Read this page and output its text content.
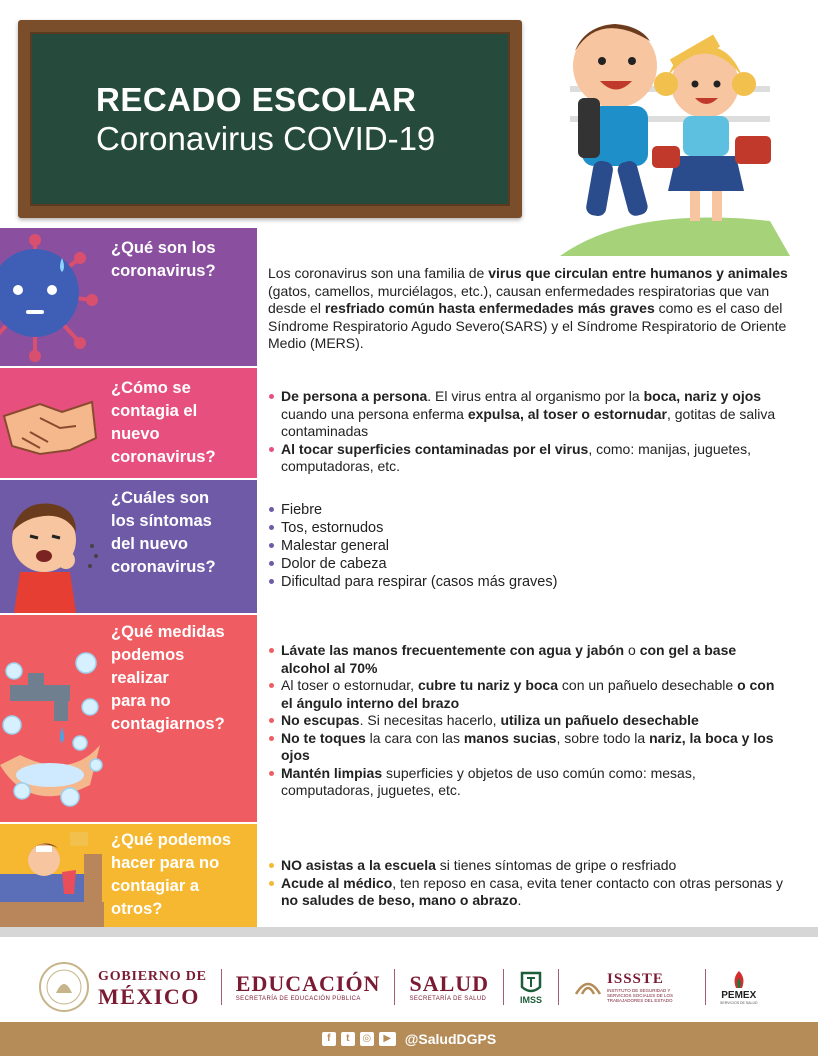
RECADO ESCOLAR
Coronavirus COVID-19
¿Qué son los
coronavirus?	Los coronavirus son una familia de virus que circulan entre humanos y animales (gatos, camellos, murciélagos, etc.), causan enfermedades respiratorias que van desde el resfriado común hasta enfermedades más graves como es el caso del Síndrome Respiratorio Agudo Severo(SARS) y el Síndrome Respiratorio de Oriente Medio (MERS).

¿Cómo se
contagia el
nuevo
coronavirus?
De persona a persona. El virus entra al organismo por la boca, nariz y ojos cuando una persona enferma expulsa, al toser o estornudar, gotitas de saliva contaminadas
Al tocar superficies contaminadas por el virus, como: manijas, juguetes, computadoras, etc.
¿Cuáles son
los síntomas
del nuevo
coronavirus?
Fiebre
Tos, estornudos
Malestar general
Dolor de cabeza
Dificultad para respirar (casos más graves)
¿Qué medidas
podemos
realizar
para no
contagiarnos?
Lávate las manos frecuentemente con agua y jabón o con gel a base alcohol al 70%
Al toser o estornudar, cubre tu nariz y boca con un pañuelo desechable o con el ángulo interno del brazo
No escupas. Si necesitas hacerlo, utiliza un pañuelo desechable
No te toques la cara con las manos sucias, sobre todo la nariz, la boca y los ojos
Mantén limpias superficies y objetos de uso común como: mesas, computadoras, juguetes, etc.
¿Qué podemos
hacer para no
contagiar a
otros?
NO asistas a la escuela si tienes síntomas de gripe o resfriado
Acude al médico, ten reposo en casa, evita tener contacto con otras personas y no saludes de beso, mano o abrazo.
GOBIERNO DE
MÉXICO
EDUCACIÓN
SECRETARÍA DE EDUCACIÓN PÚBLICA
SALUD
SECRETARÍA DE SALUD	IMSS
ISSSTE
INSTITUTO DE SEGURIDAD Y SERVICIOS SOCIALES DE LOS TRABAJADORES DEL ESTADO	PEMEX
SERVICIOS DE SALUD
f	t	◎	▶ @SaludDGPS
